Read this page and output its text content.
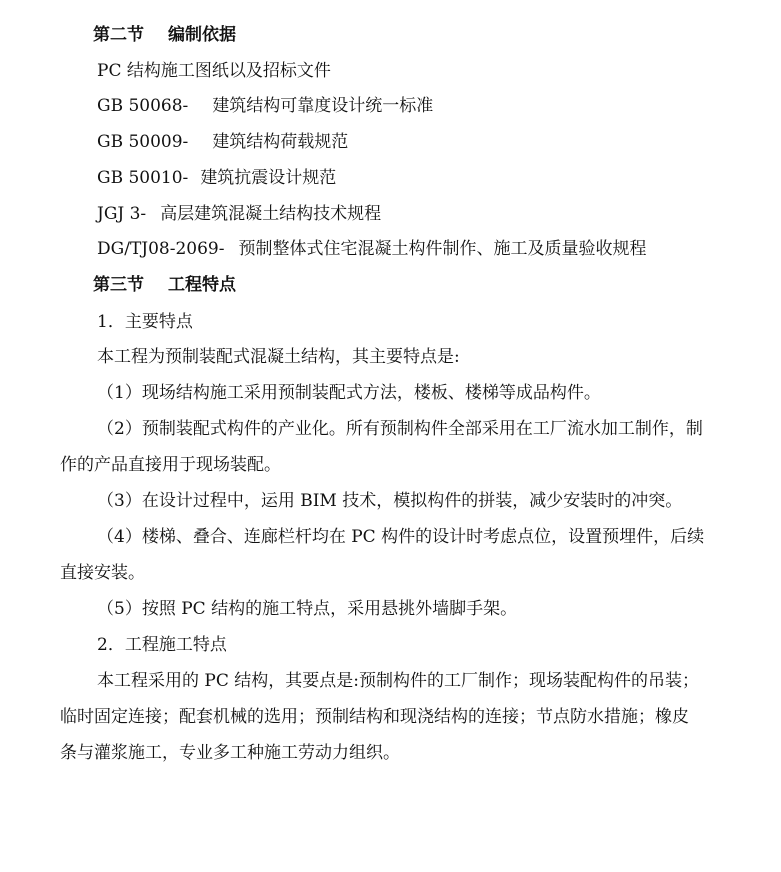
第二节 编制依据
PC 结构施工图纸以及招标文件
GB 50068- 建筑结构可靠度设计统一标准
GB 50009- 建筑结构荷载规范
GB 50010- 建筑抗震设计规范
JGJ 3- 高层建筑混凝土结构技术规程
DG/TJ08-2069- 预制整体式住宅混凝土构件制作、施工及质量验收规程
第三节 工程特点
1．主要特点
本工程为预制装配式混凝土结构，其主要特点是:
（1）现场结构施工采用预制装配式方法，楼板、楼梯等成品构件。
（2）预制装配式构件的产业化。所有预制构件全部采用在工厂流水加工制作，制
作的产品直接用于现场装配。
（3）在设计过程中，运用 BIM 技术，模拟构件的拼装，减少安装时的冲突。
（4）楼梯、叠合、连廊栏杆均在 PC 构件的设计时考虑点位，设置预埋件，后续
直接安装。
（5）按照 PC 结构的施工特点，采用悬挑外墙脚手架。
2．工程施工特点
本工程采用的 PC 结构，其要点是:预制构件的工厂制作；现场装配构件的吊装；
临时固定连接；配套机械的选用；预制结构和现浇结构的连接；节点防水措施；橡皮
条与灌浆施工，专业多工种施工劳动力组织。
